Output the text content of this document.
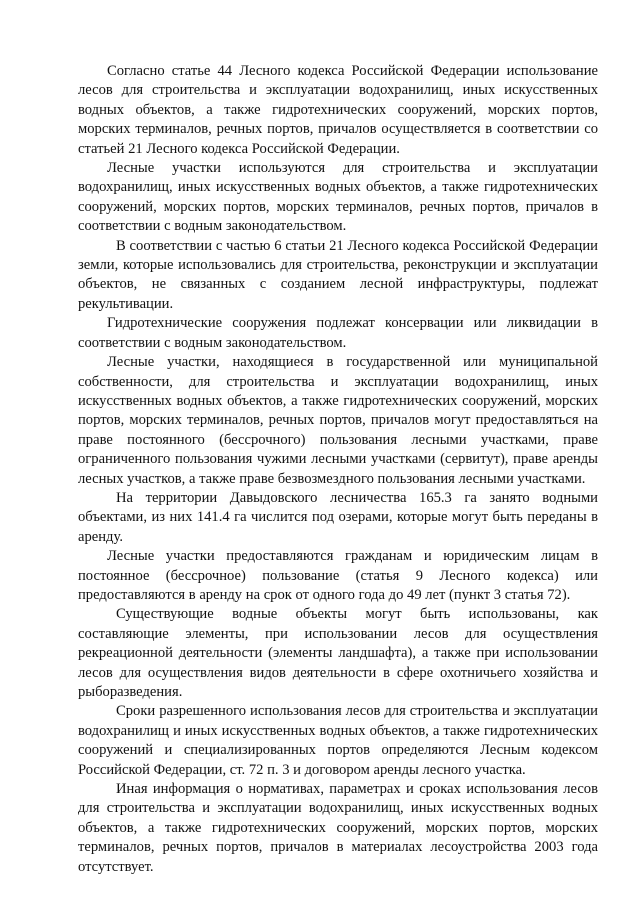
Согласно статье 44 Лесного кодекса Российской Федерации использование лесов для строительства и эксплуатации водохранилищ, иных искусственных водных объектов, а также гидротехнических сооружений, морских портов, морских терминалов, речных портов, причалов осуществляется в соответствии со статьей 21 Лесного кодекса Российской Федерации.

Лесные участки используются для строительства и эксплуатации водохранилищ, иных искусственных водных объектов, а также гидротехнических сооружений, морских портов, морских терминалов, речных портов, причалов в соответствии с водным законодательством.

В соответствии с частью 6 статьи 21 Лесного кодекса Российской Федерации земли, которые использовались для строительства, реконструкции и эксплуатации объектов, не связанных с созданием лесной инфраструктуры, подлежат рекультивации.

Гидротехнические сооружения подлежат консервации или ликвидации в соответствии с водным законодательством.

Лесные участки, находящиеся в государственной или муниципальной собственности, для строительства и эксплуатации водохранилищ, иных искусственных водных объектов, а также гидротехнических сооружений, морских портов, морских терминалов, речных портов, причалов могут предоставляться на праве постоянного (бессрочного) пользования лесными участками, праве ограниченного пользования чужими лесными участками (сервитут), праве аренды лесных участков, а также праве безвозмездного пользования лесными участками.

На территории Давыдовского лесничества 165.3 га занято водными объектами, из них 141.4 га числится под озерами, которые могут быть переданы в аренду.

Лесные участки предоставляются гражданам и юридическим лицам в постоянное (бессрочное) пользование (статья 9 Лесного кодекса) или предоставляются в аренду на срок от одного года до 49 лет (пункт 3 статья 72).

Существующие водные объекты могут быть использованы, как составляющие элементы, при использовании лесов для осуществления рекреационной деятельности (элементы ландшафта), а также при использовании лесов для осуществления видов деятельности в сфере охотничьего хозяйства и рыборазведения.

Сроки разрешенного использования лесов для строительства и эксплуатации водохранилищ и иных искусственных водных объектов, а также гидротехнических сооружений и специализированных портов определяются Лесным кодексом Российской Федерации, ст. 72 п. 3 и договором аренды лесного участка.

Иная информация о нормативах, параметрах и сроках использования лесов для строительства и эксплуатации водохранилищ, иных искусственных водных объектов, а также гидротехнических сооружений, морских портов, морских терминалов, речных портов, причалов в материалах лесоустройства 2003 года отсутствует.
